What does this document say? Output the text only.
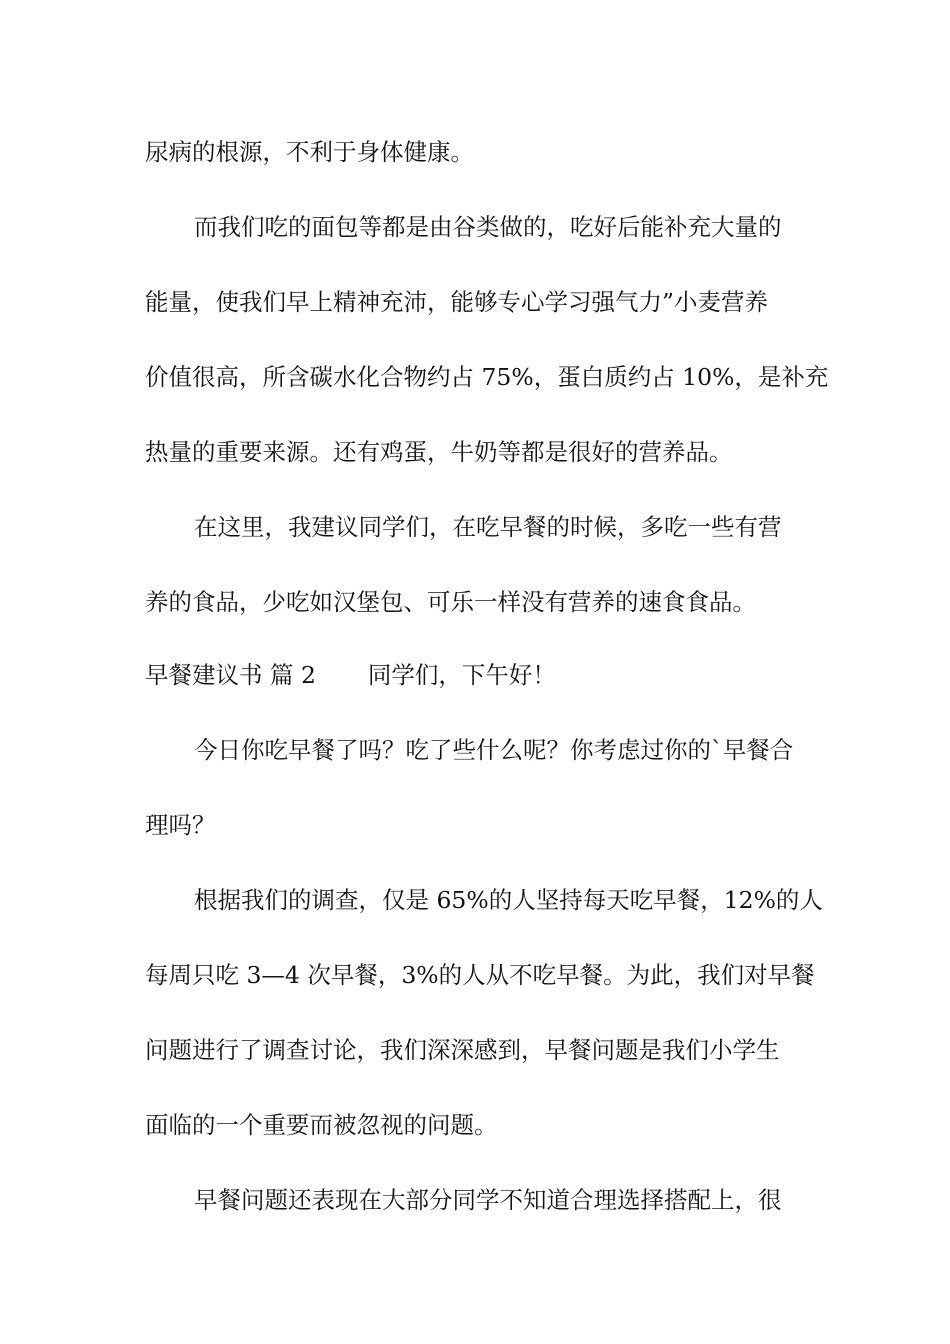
尿病的根源，不利于身体健康。
而我们吃的面包等都是由谷类做的，吃好后能补充大量的
能量，使我们早上精神充沛，能够专心学习强气力”小麦营养
价值很高，所含碳水化合物约占 75%，蛋白质约占 10%，是补充
热量的重要来源。还有鸡蛋，牛奶等都是很好的营养品。
在这里，我建议同学们，在吃早餐的时候，多吃一些有营
养的食品，少吃如汉堡包、可乐一样没有营养的速食食品。
早餐建议书 篇 2 同学们，下午好！
今日你吃早餐了吗？吃了些什么呢？你考虑过你的`早餐合
理吗？
根据我们的调查，仅是 65%的人坚持每天吃早餐，12%的人
每周只吃 3—4 次早餐，3%的人从不吃早餐。为此，我们对早餐
问题进行了调查讨论，我们深深感到，早餐问题是我们小学生
面临的一个重要而被忽视的问题。
早餐问题还表现在大部分同学不知道合理选择搭配上，很
